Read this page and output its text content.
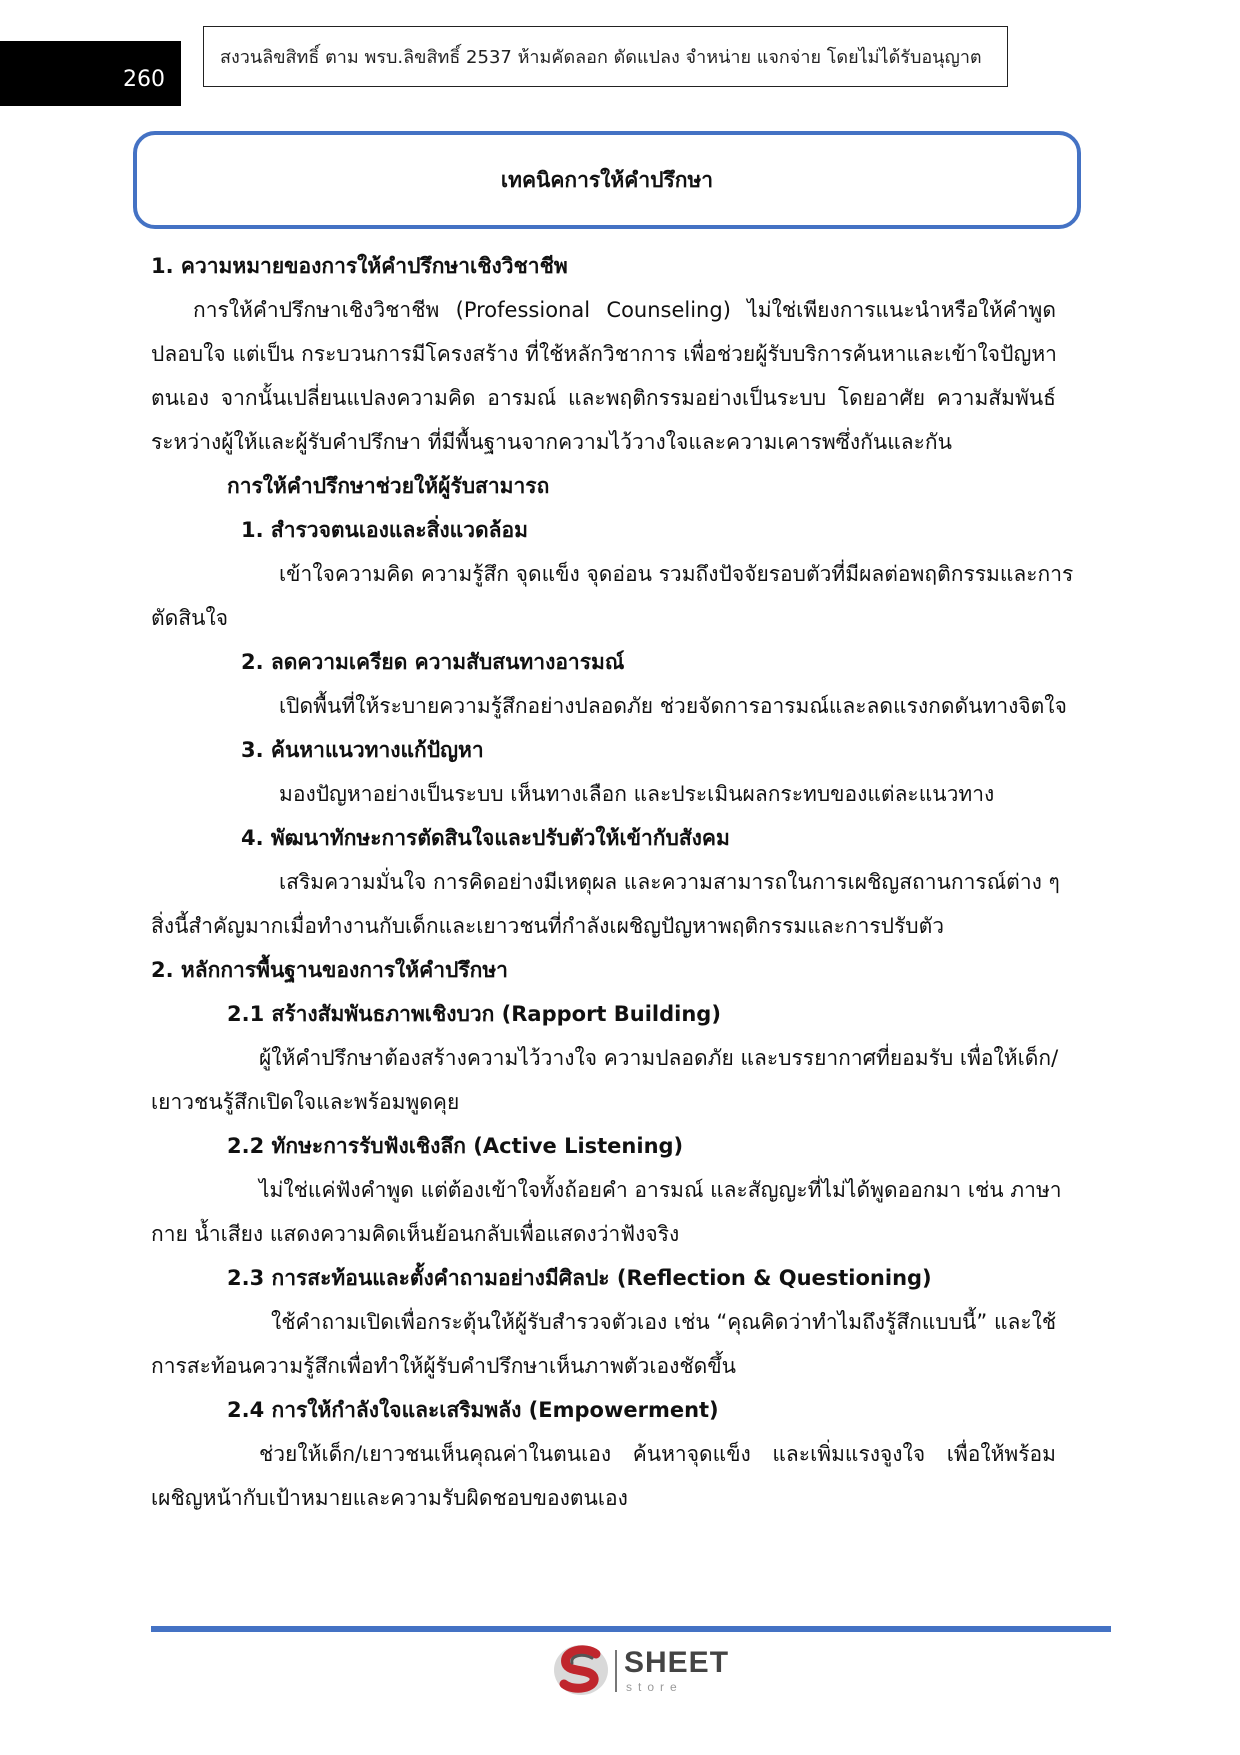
260
สงวนลิขสิทธิ์ ตาม พรบ.ลิขสิทธิ์ 2537 ห้ามคัดลอก ดัดแปลง จำหน่าย แจกจ่าย โดยไม่ได้รับอนุญาต
เทคนิคการให้คำปรึกษา
1. ความหมายของการให้คำปรึกษาเชิงวิชาชีพ
การให้คำปรึกษาเชิงวิชาชีพ (Professional Counseling) ไม่ใช่เพียงการแนะนำหรือให้คำพูด
ปลอบใจ แต่เป็น กระบวนการมีโครงสร้าง ที่ใช้หลักวิชาการ เพื่อช่วยผู้รับบริการค้นหาและเข้าใจปัญหา
ตนเอง จากนั้นเปลี่ยนแปลงความคิด อารมณ์ และพฤติกรรมอย่างเป็นระบบ โดยอาศัย ความสัมพันธ์
ระหว่างผู้ให้และผู้รับคำปรึกษา ที่มีพื้นฐานจากความไว้วางใจและความเคารพซึ่งกันและกัน
การให้คำปรึกษาช่วยให้ผู้รับสามารถ
1. สำรวจตนเองและสิ่งแวดล้อม
เข้าใจความคิด ความรู้สึก จุดแข็ง จุดอ่อน รวมถึงปัจจัยรอบตัวที่มีผลต่อพฤติกรรมและการ
ตัดสินใจ
2. ลดความเครียด ความสับสนทางอารมณ์
เปิดพื้นที่ให้ระบายความรู้สึกอย่างปลอดภัย ช่วยจัดการอารมณ์และลดแรงกดดันทางจิตใจ
3. ค้นหาแนวทางแก้ปัญหา
มองปัญหาอย่างเป็นระบบ เห็นทางเลือก และประเมินผลกระทบของแต่ละแนวทาง
4. พัฒนาทักษะการตัดสินใจและปรับตัวให้เข้ากับสังคม
เสริมความมั่นใจ การคิดอย่างมีเหตุผล และความสามารถในการเผชิญสถานการณ์ต่าง ๆ
สิ่งนี้สำคัญมากเมื่อทำงานกับเด็กและเยาวชนที่กำลังเผชิญปัญหาพฤติกรรมและการปรับตัว
2. หลักการพื้นฐานของการให้คำปรึกษา
2.1 สร้างสัมพันธภาพเชิงบวก (Rapport Building)
ผู้ให้คำปรึกษาต้องสร้างความไว้วางใจ ความปลอดภัย และบรรยากาศที่ยอมรับ เพื่อให้เด็ก/
เยาวชนรู้สึกเปิดใจและพร้อมพูดคุย
2.2 ทักษะการรับฟังเชิงลึก (Active Listening)
ไม่ใช่แค่ฟังคำพูด แต่ต้องเข้าใจทั้งถ้อยคำ อารมณ์ และสัญญะที่ไม่ได้พูดออกมา เช่น ภาษา
กาย น้ำเสียง แสดงความคิดเห็นย้อนกลับเพื่อแสดงว่าฟังจริง
2.3 การสะท้อนและตั้งคำถามอย่างมีศิลปะ (Reflection & Questioning)
ใช้คำถามเปิดเพื่อกระตุ้นให้ผู้รับสำรวจตัวเอง เช่น “คุณคิดว่าทำไมถึงรู้สึกแบบนี้” และใช้
การสะท้อนความรู้สึกเพื่อทำให้ผู้รับคำปรึกษาเห็นภาพตัวเองชัดขึ้น
2.4 การให้กำลังใจและเสริมพลัง (Empowerment)
ช่วยให้เด็ก/เยาวชนเห็นคุณค่าในตนเอง ค้นหาจุดแข็ง และเพิ่มแรงจูงใจ เพื่อให้พร้อม
เผชิญหน้ากับเป้าหมายและความรับผิดชอบของตนเอง
SHEET
store
